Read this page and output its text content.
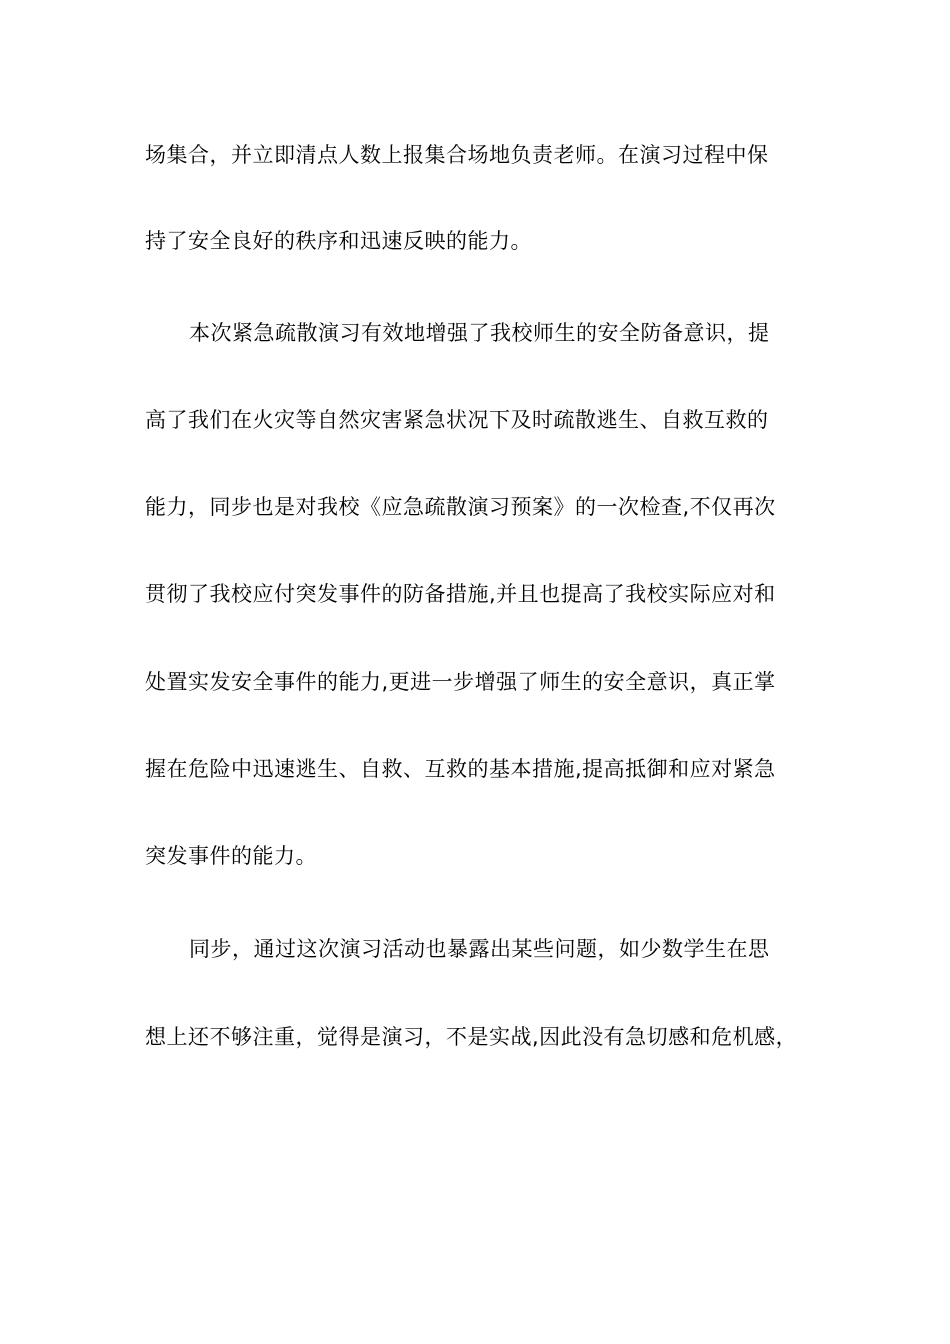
场集合，并立即清点人数上报集合场地负责老师。在演习过程中保
持了安全良好的秩序和迅速反映的能力。
本次紧急疏散演习有效地增强了我校师生的安全防备意识，提
高了我们在火灾等自然灾害紧急状况下及时疏散逃生、自救互救的
能力，同步也是对我校《应急疏散演习预案》的一次检查,不仅再次
贯彻了我校应付突发事件的防备措施,并且也提高了我校实际应对和
处置实发安全事件的能力,更进一步增强了师生的安全意识，真正掌
握在危险中迅速逃生、自救、互救的基本措施,提高抵御和应对紧急
突发事件的能力。
同步，通过这次演习活动也暴露出某些问题，如少数学生在思
想上还不够注重，觉得是演习，不是实战,因此没有急切感和危机感，
